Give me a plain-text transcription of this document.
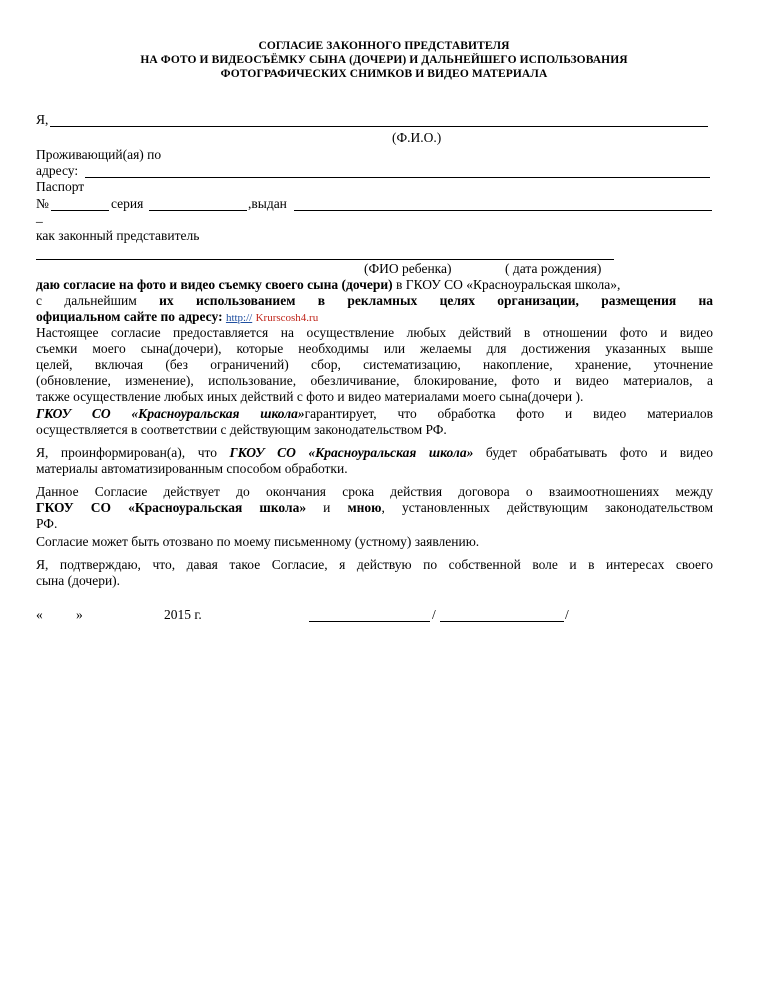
СОГЛАСИЕ ЗАКОННОГО ПРЕДСТАВИТЕЛЯ
НА ФОТО И ВИДЕОСЪЁМКУ СЫНА (ДОЧЕРИ) И ДАЛЬНЕЙШЕГО ИСПОЛЬЗОВАНИЯ
ФОТОГРАФИЧЕСКИХ СНИМКОВ И ВИДЕО МАТЕРИАЛА
Я,
(Ф.И.О.)
Проживающий(ая) по
адресу:
Паспорт
№	серия	,выдан
_
как законный представитель
(ФИО ребенка)	( дата рождения)
даю согласие на фото и видео съемку своего сына (дочери) в ГКОУ СО «Красноуральская школа»,
с дальнейшим их использованием в рекламных целях организации, размещения на
официальном сайте по адресу: http:// Krursсosh4.ru
Настоящее согласие предоставляется на осуществление любых действий в отношении фото и видео
съемки моего сына(дочери), которые необходимы или желаемы для достижения указанных выше
целей, включая (без ограничений) сбор, систематизацию, накопление, хранение, уточнение
(обновление, изменение), использование, обезличивание, блокирование, фото и видео материалов, а
также осуществление любых иных действий с фото и видео материалами моего сына(дочери ).
ГКОУ СО «Красноуральская школа»гарантирует, что обработка фото и видео материалов
осуществляется в соответствии с действующим законодательством РФ.
Я, проинформирован(а), что ГКОУ СО «Красноуральская школа» будет обрабатывать фото и видео
материалы автоматизированным способом обработки.
Данное Согласие действует до окончания срока действия договора о взаимоотношениях между
ГКОУ СО «Красноуральская школа» и мною, установленных действующим законодательством
РФ.
Согласие может быть отозвано по моему письменному (устному) заявлению.
Я, подтверждаю, что, давая такое Согласие, я действую по собственной воле и в интересах своего
сына (дочери).
« »	2015 г.	/	/
